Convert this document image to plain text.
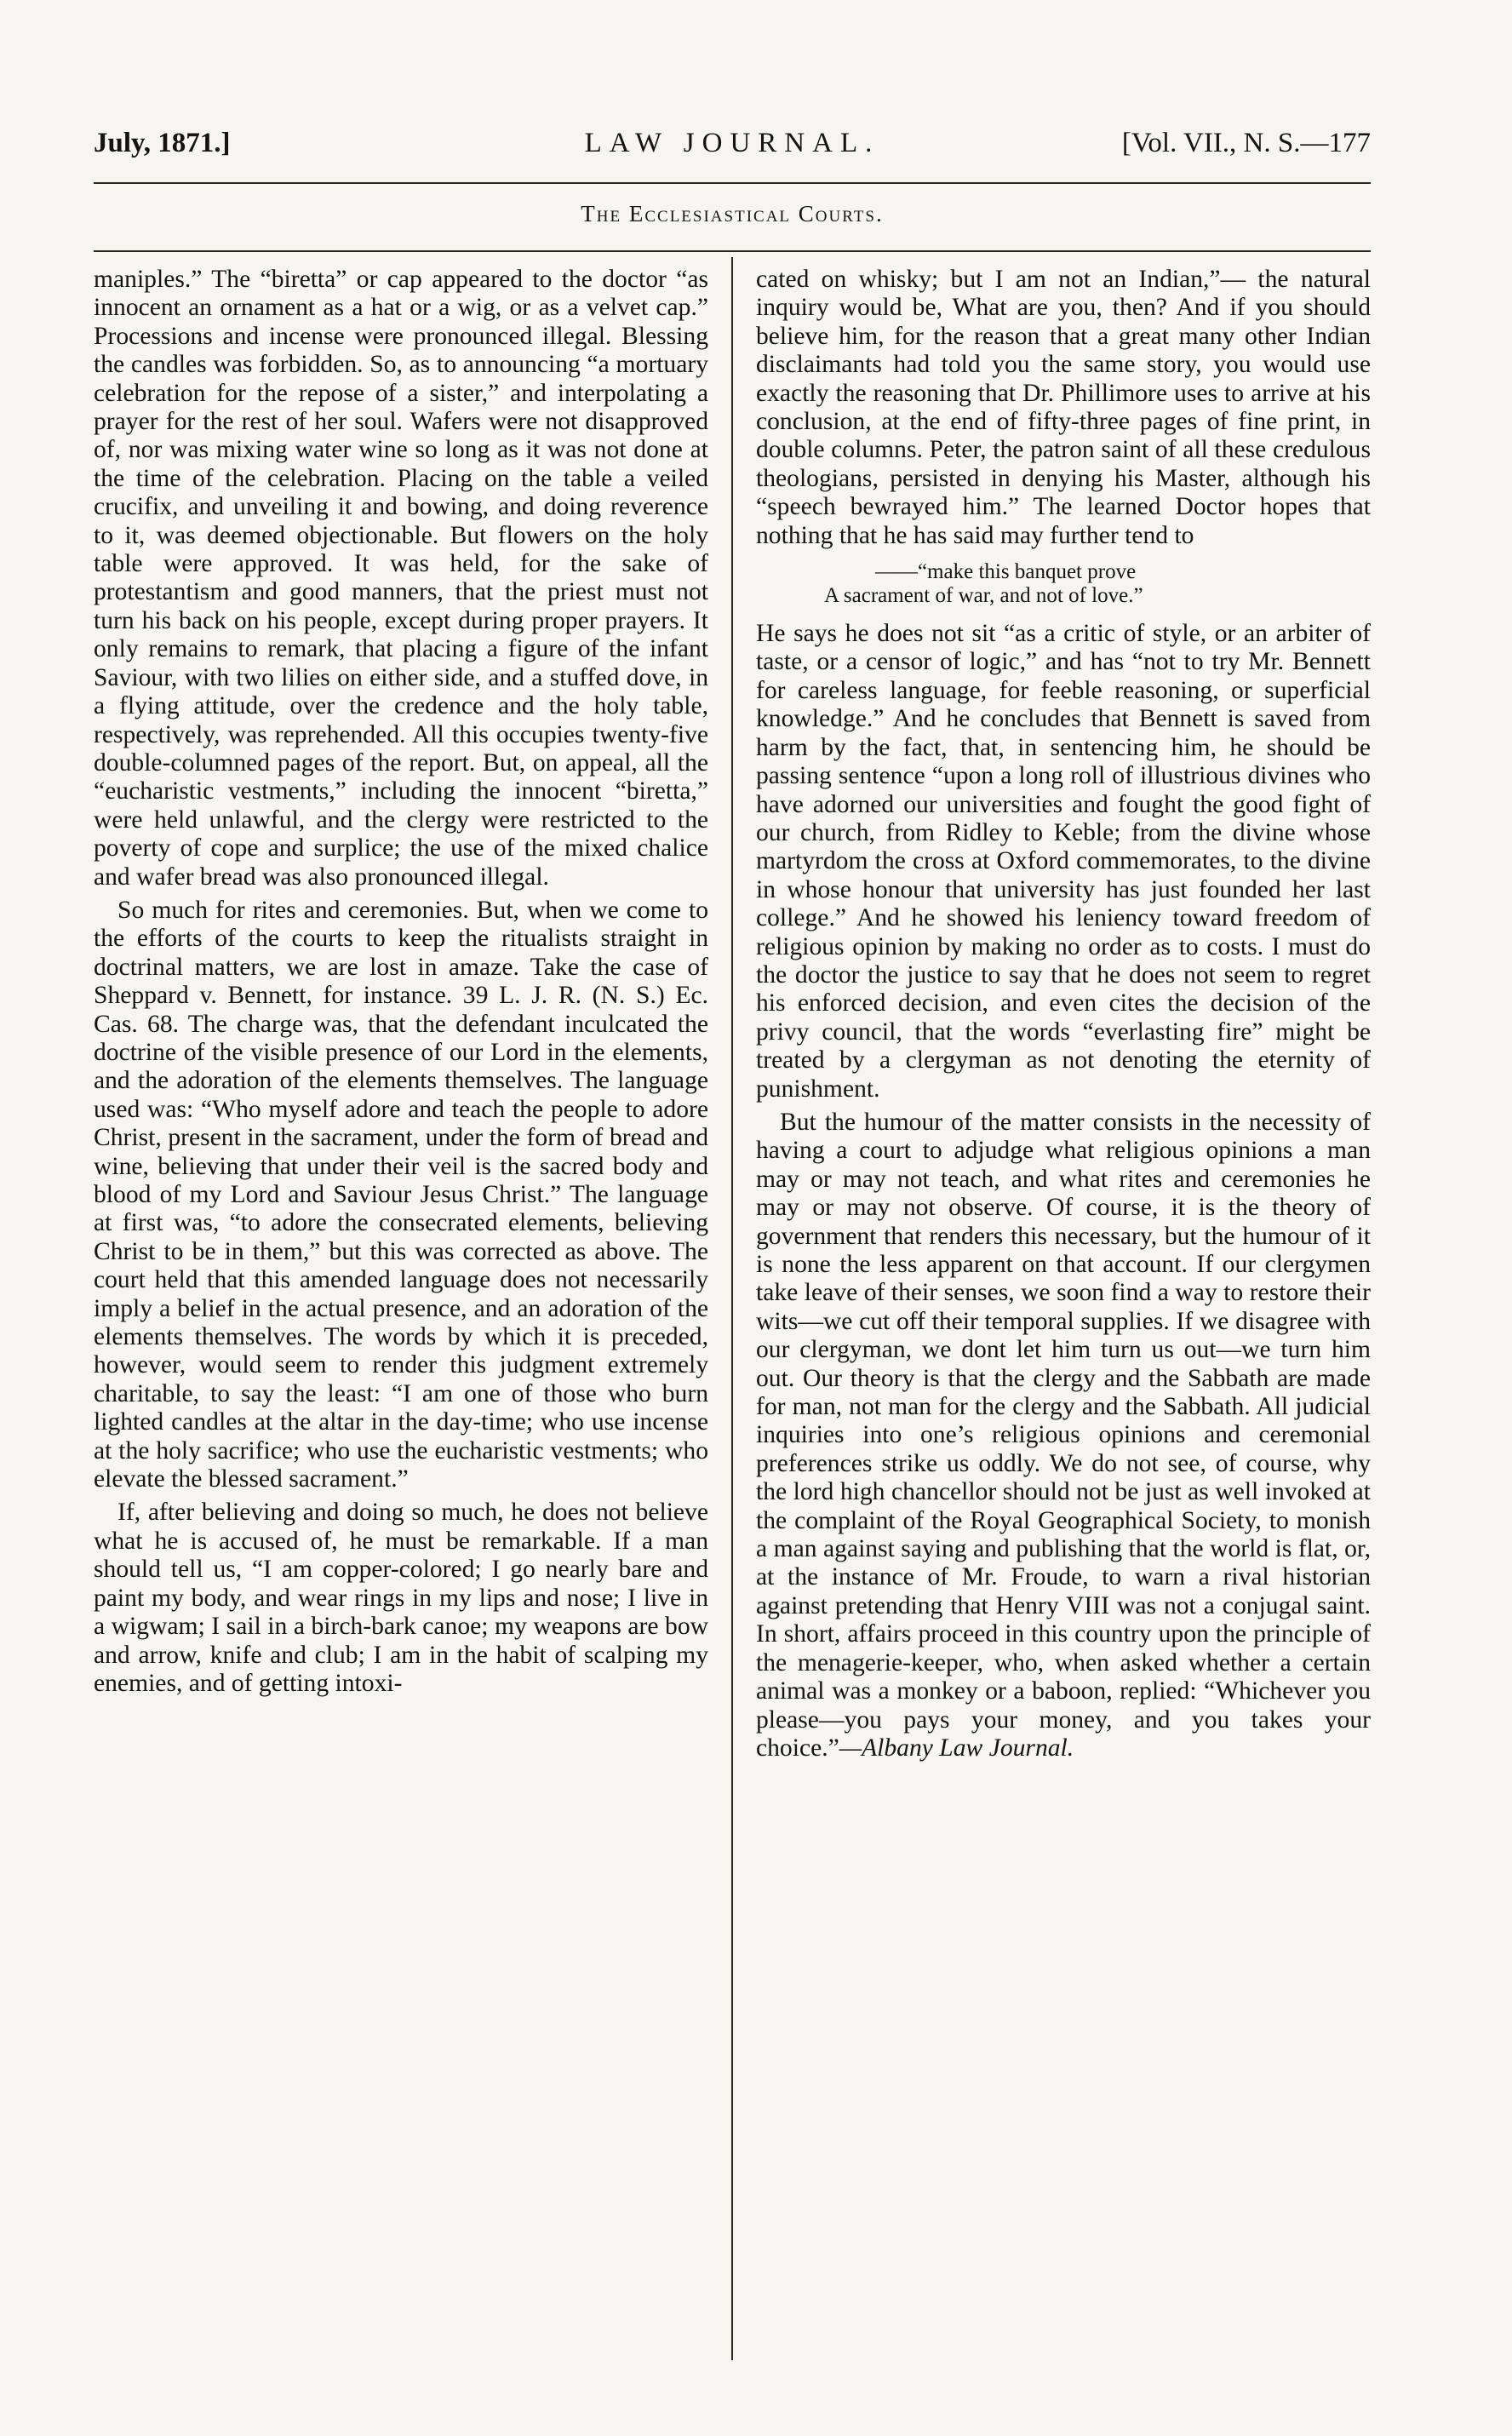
July, 1871.]	LAW JOURNAL.	[Vol. VII., N. S.—177
The Ecclesiastical Courts.

maniples.” The “biretta” or cap appeared to the doctor “as innocent an ornament as a hat or a wig, or as a velvet cap.” Processions and incense were pronounced illegal. Blessing the candles was forbidden. So, as to announcing “a mortuary celebration for the repose of a sister,” and interpolating a prayer for the rest of her soul. Wafers were not disapproved of, nor was mixing water wine so long as it was not done at the time of the celebration. Placing on the table a veiled crucifix, and unveiling it and bowing, and doing reverence to it, was deemed objectionable. But flowers on the holy table were approved. It was held, for the sake of protestantism and good manners, that the priest must not turn his back on his people, except during proper prayers. It only remains to remark, that placing a figure of the infant Saviour, with two lilies on either side, and a stuffed dove, in a flying attitude, over the credence and the holy table, respectively, was reprehended. All this occupies twenty-five double-columned pages of the report. But, on appeal, all the “eucharistic vestments,” including the innocent “biretta,” were held unlawful, and the clergy were restricted to the poverty of cope and surplice; the use of the mixed chalice and wafer bread was also pronounced illegal.

So much for rites and ceremonies. But, when we come to the efforts of the courts to keep the ritualists straight in doctrinal matters, we are lost in amaze. Take the case of Sheppard v. Bennett, for instance. 39 L. J. R. (N. S.) Ec. Cas. 68. The charge was, that the defendant inculcated the doctrine of the visible presence of our Lord in the elements, and the adoration of the elements themselves. The language used was: “Who myself adore and teach the people to adore Christ, present in the sacrament, under the form of bread and wine, believing that under their veil is the sacred body and blood of my Lord and Saviour Jesus Christ.” The language at first was, “to adore the consecrated elements, believing Christ to be in them,” but this was corrected as above. The court held that this amended language does not necessarily imply a belief in the actual presence, and an adoration of the elements themselves. The words by which it is preceded, however, would seem to render this judgment extremely charitable, to say the least: “I am one of those who burn lighted candles at the altar in the day-time; who use incense at the holy sacrifice; who use the eucharistic vestments; who elevate the blessed sacrament.”

If, after believing and doing so much, he does not believe what he is accused of, he must be remarkable. If a man should tell us, “I am copper-colored; I go nearly bare and paint my body, and wear rings in my lips and nose; I live in a wigwam; I sail in a birch-bark canoe; my weapons are bow and arrow, knife and club; I am in the habit of scalping my enemies, and of getting intoxi-

cated on whisky; but I am not an Indian,”— the natural inquiry would be, What are you, then? And if you should believe him, for the reason that a great many other Indian disclaimants had told you the same story, you would use exactly the reasoning that Dr. Phillimore uses to arrive at his conclusion, at the end of fifty-three pages of fine print, in double columns. Peter, the patron saint of all these credulous theologians, persisted in denying his Master, although his “speech bewrayed him.” The learned Doctor hopes that nothing that he has said may further tend to

——“make this banquet prove
A sacrament of war, and not of love.”

He says he does not sit “as a critic of style, or an arbiter of taste, or a censor of logic,” and has “not to try Mr. Bennett for careless language, for feeble reasoning, or superficial knowledge.” And he concludes that Bennett is saved from harm by the fact, that, in sentencing him, he should be passing sentence “upon a long roll of illustrious divines who have adorned our universities and fought the good fight of our church, from Ridley to Keble; from the divine whose martyrdom the cross at Oxford commemorates, to the divine in whose honour that university has just founded her last college.” And he showed his leniency toward freedom of religious opinion by making no order as to costs. I must do the doctor the justice to say that he does not seem to regret his enforced decision, and even cites the decision of the privy council, that the words “everlasting fire” might be treated by a clergyman as not denoting the eternity of punishment.

But the humour of the matter consists in the necessity of having a court to adjudge what religious opinions a man may or may not teach, and what rites and ceremonies he may or may not observe. Of course, it is the theory of government that renders this necessary, but the humour of it is none the less apparent on that account. If our clergymen take leave of their senses, we soon find a way to restore their wits—we cut off their temporal supplies. If we disagree with our clergyman, we dont let him turn us out—we turn him out. Our theory is that the clergy and the Sabbath are made for man, not man for the clergy and the Sabbath. All judicial inquiries into one’s religious opinions and ceremonial preferences strike us oddly. We do not see, of course, why the lord high chancellor should not be just as well invoked at the complaint of the Royal Geographical Society, to monish a man against saying and publishing that the world is flat, or, at the instance of Mr. Froude, to warn a rival historian against pretending that Henry VIII was not a conjugal saint. In short, affairs proceed in this country upon the principle of the menagerie-keeper, who, when asked whether a certain animal was a monkey or a baboon, replied: “Whichever you please—you pays your money, and you takes your choice.”—Albany Law Journal.
